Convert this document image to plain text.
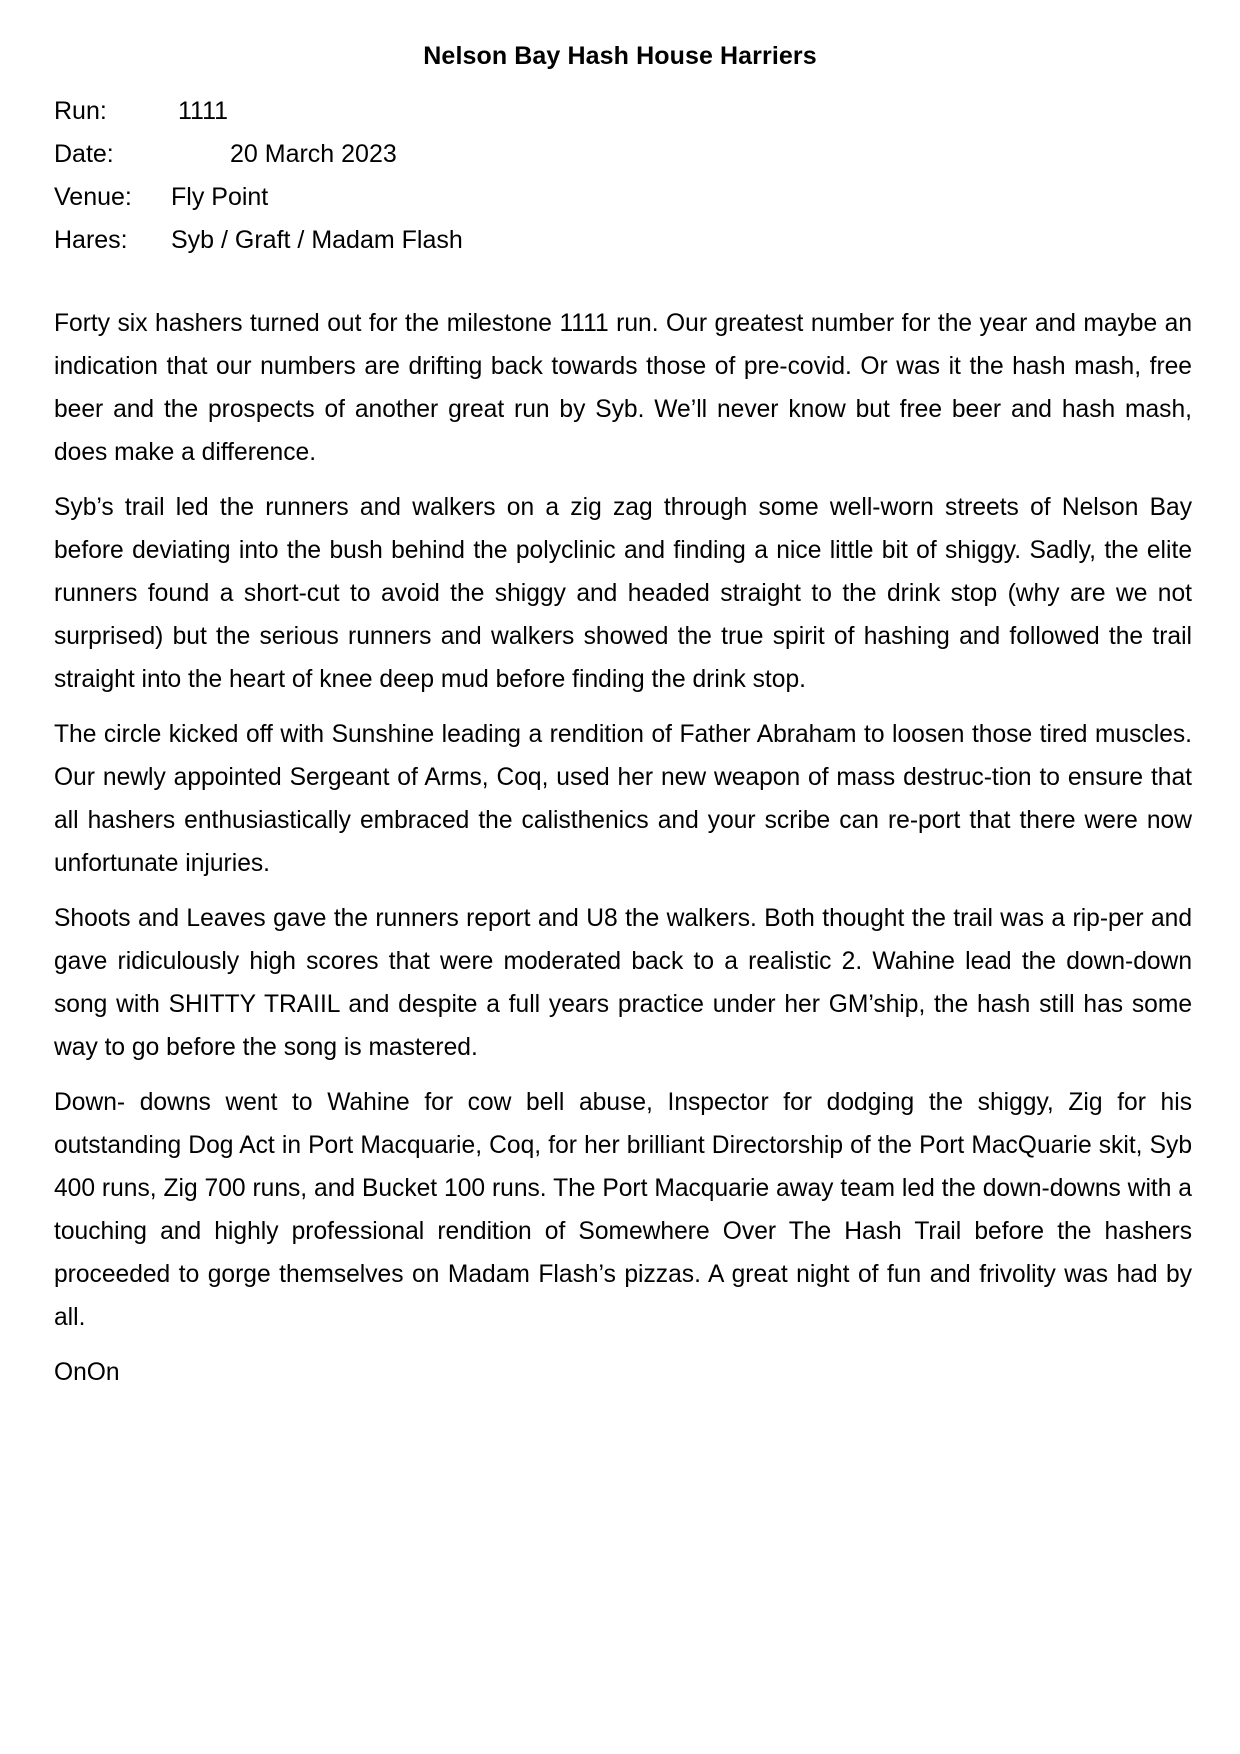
Nelson Bay Hash House Harriers
Run:	1111
Date:	20 March 2023
Venue: Fly Point
Hares: Syb / Graft / Madam Flash

Forty six hashers turned out for the milestone 1111 run. Our greatest number for the year and maybe an indication that our numbers are drifting back towards those of pre-covid. Or was it the hash mash, free beer and the prospects of another great run by Syb. We’ll never know but free beer and hash mash, does make a difference.

Syb’s trail led the runners and walkers on a zig zag through some well-worn streets of Nelson Bay before deviating into the bush behind the polyclinic and finding a nice little bit of shiggy. Sadly, the elite runners found a short-cut to avoid the shiggy and headed straight to the drink stop (why are we not surprised) but the serious runners and walkers showed the true spirit of hashing and followed the trail straight into the heart of knee deep mud before finding the drink stop.

The circle kicked off with Sunshine leading a rendition of Father Abraham to loosen those tired muscles. Our newly appointed Sergeant of Arms, Coq, used her new weapon of mass destruc-tion to ensure that all hashers enthusiastically embraced the calisthenics and your scribe can re-port that there were now unfortunate injuries.

Shoots and Leaves gave the runners report and U8 the walkers. Both thought the trail was a rip-per and gave ridiculously high scores that were moderated back to a realistic 2. Wahine lead the down-down song with SHITTY TRAIIL and despite a full years practice under her GM’ship, the hash still has some way to go before the song is mastered.

Down- downs went to Wahine for cow bell abuse, Inspector for dodging the shiggy, Zig for his outstanding Dog Act in Port Macquarie, Coq, for her brilliant Directorship of the Port MacQuarie skit, Syb 400 runs, Zig 700 runs, and Bucket 100 runs. The Port Macquarie away team led the down-downs with a touching and highly professional rendition of Somewhere Over The Hash Trail before the hashers proceeded to gorge themselves on Madam Flash’s pizzas. A great night of fun and frivolity was had by all.

OnOn
